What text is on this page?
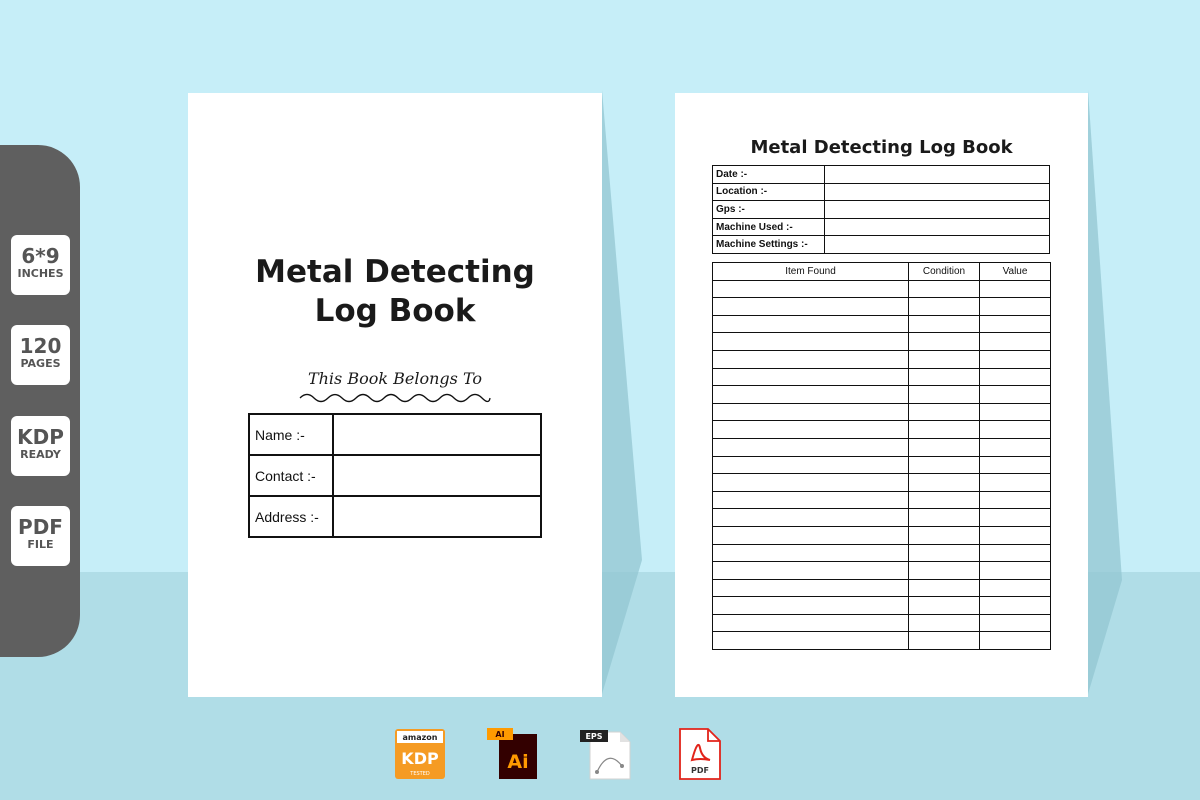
6*9
INCHES
120
PAGES
KDP
READY
PDF
FILE
Metal Detecting
Log Book
This Book Belongs To
Name :-	
Contact :-	
Address :-	
Metal Detecting Log Book
Date :-	
Location :-	
Gps :-	
Machine Used :-	
Machine Settings :-	
Item Found	Condition	Value

amazon
KDP
TESTED
AI
Ai
EPS
PDF
